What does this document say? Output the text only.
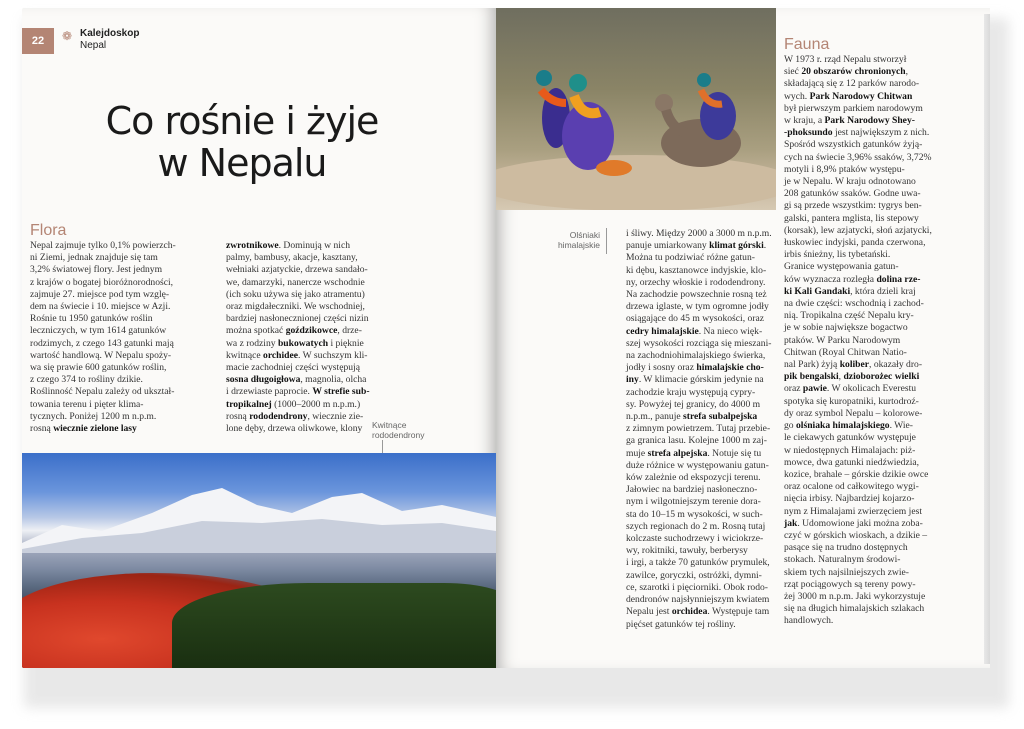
22	❁ Kalejdoskop
Nepal
Co rośnie i żyje
w Nepalu
Flora
Nepal zajmuje tylko 0,1% powierzch-
ni Ziemi, jednak znajduje się tam
3,2% światowej flory. Jest jednym
z krajów o bogatej bioróżnorodności,
zajmuje 27. miejsce pod tym wzglę-
dem na świecie i 10. miejsce w Azji.
Rośnie tu 1950 gatunków roślin
leczniczych, w tym 1614 gatunków
rodzimych, z czego 143 gatunki mają
wartość handlową. W Nepalu spoży-
wa się prawie 600 gatunków roślin,
z czego 374 to rośliny dzikie.
Roślinność Nepalu zależy od ukształ-
towania terenu i pięter klima-
tycznych. Poniżej 1200 m n.p.m.
rosną wiecznie zielone lasy
zwrotnikowe. Dominują w nich
palmy, bambusy, akacje, kasztany,
wełniaki azjatyckie, drzewa sandało-
we, damarzyki, nanercze wschodnie
(ich soku używa się jako atramentu)
oraz migdałeczniki. We wschodniej,
bardziej nasłonecznionej części nizin
można spotkać goździkowce, drze-
wa z rodziny bukowatych i pięknie
kwitnące orchidee. W suchszym kli-
macie zachodniej części występują
sosna długoigłowa, magnolia, olcha
i drzewiaste paprocie. W strefie sub-
tropikalnej (1000–2000 m n.p.m.)
rosną rododendrony, wiecznie zie-
lone dęby, drzewa oliwkowe, klony	Kwitnące
rododendrony
Olśniaki
himalajskie
i śliwy. Między 2000 a 3000 m n.p.m.
panuje umiarkowany klimat górski.
Można tu podziwiać różne gatun-
ki dębu, kasztanowce indyjskie, klo-
ny, orzechy włoskie i rododendrony.
Na zachodzie powszechnie rosną też
drzewa iglaste, w tym ogromne jodły
osiągające do 45 m wysokości, oraz
cedry himalajskie. Na nieco więk-
szej wysokości rozciąga się mieszani-
na zachodniohimalajskiego świerka,
jodły i sosny oraz himalajskie cho-
iny. W klimacie górskim jedynie na
zachodzie kraju występują cypry-
sy. Powyżej tej granicy, do 4000 m
n.p.m., panuje strefa subalpejska
z zimnym powietrzem. Tutaj przebie-
ga granica lasu. Kolejne 1000 m zaj-
muje strefa alpejska. Notuje się tu
duże różnice w występowaniu gatun-
ków zależnie od ekspozycji terenu.
Jałowiec na bardziej nasłoneczno-
nym i wilgotniejszym terenie dora-
sta do 10–15 m wysokości, w such-
szych regionach do 2 m. Rosną tutaj
kolczaste suchodrzewy i wiciokrze-
wy, rokitniki, tawuły, berberysy
i irgi, a także 70 gatunków prymulek,
zawilce, goryczki, ostróżki, dymni-
ce, szarotki i pięciorniki. Obok rodo-
dendronów najsłynniejszym kwiatem
Nepalu jest orchidea. Występuje tam
pięćset gatunków tej rośliny.
Fauna
W 1973 r. rząd Nepalu stworzył
sieć 20 obszarów chronionych,
składającą się z 12 parków narodo-
wych. Park Narodowy Chitwan
był pierwszym parkiem narodowym
w kraju, a Park Narodowy Shey-
-phoksundo jest największym z nich.
Spośród wszystkich gatunków żyją-
cych na świecie 3,96% ssaków, 3,72%
motyli i 8,9% ptaków występu-
je w Nepalu. W kraju odnotowano
208 gatunków ssaków. Godne uwa-
gi są przede wszystkim: tygrys ben-
galski, pantera mglista, lis stepowy
(korsak), lew azjatycki, słoń azjatycki,
łuskowiec indyjski, panda czerwona,
irbis śnieżny, lis tybetański.
Granice występowania gatun-
ków wyznacza rozległa dolina rze-
ki Kali Gandaki, która dzieli kraj
na dwie części: wschodnią i zachod-
nią. Tropikalna część Nepalu kry-
je w sobie największe bogactwo
ptaków. W Parku Narodowym
Chitwan (Royal Chitwan Natio-
nal Park) żyją koliber, okazały dro-
pik bengalski, dzioborożec wielki
oraz pawie. W okolicach Everestu
spotyka się kuropatniki, kurtodroź-
dy oraz symbol Nepalu – kolorowe-
go olśniaka himalajskiego. Wie-
le ciekawych gatunków występuje
w niedostępnych Himalajach: piż-
mowce, dwa gatunki niedźwiedzia,
kozice, brahale – górskie dzikie owce
oraz ocalone od całkowitego wygi-
nięcia irbisy. Najbardziej kojarzo-
nym z Himalajami zwierzęciem jest
jak. Udomowione jaki można zoba-
czyć w górskich wioskach, a dzikie –
pasące się na trudno dostępnych
stokach. Naturalnym środowi-
skiem tych najsilniejszych zwie-
rząt pociągowych są tereny powy-
żej 3000 m n.p.m. Jaki wykorzystuje
się na długich himalajskich szlakach
handlowych.
